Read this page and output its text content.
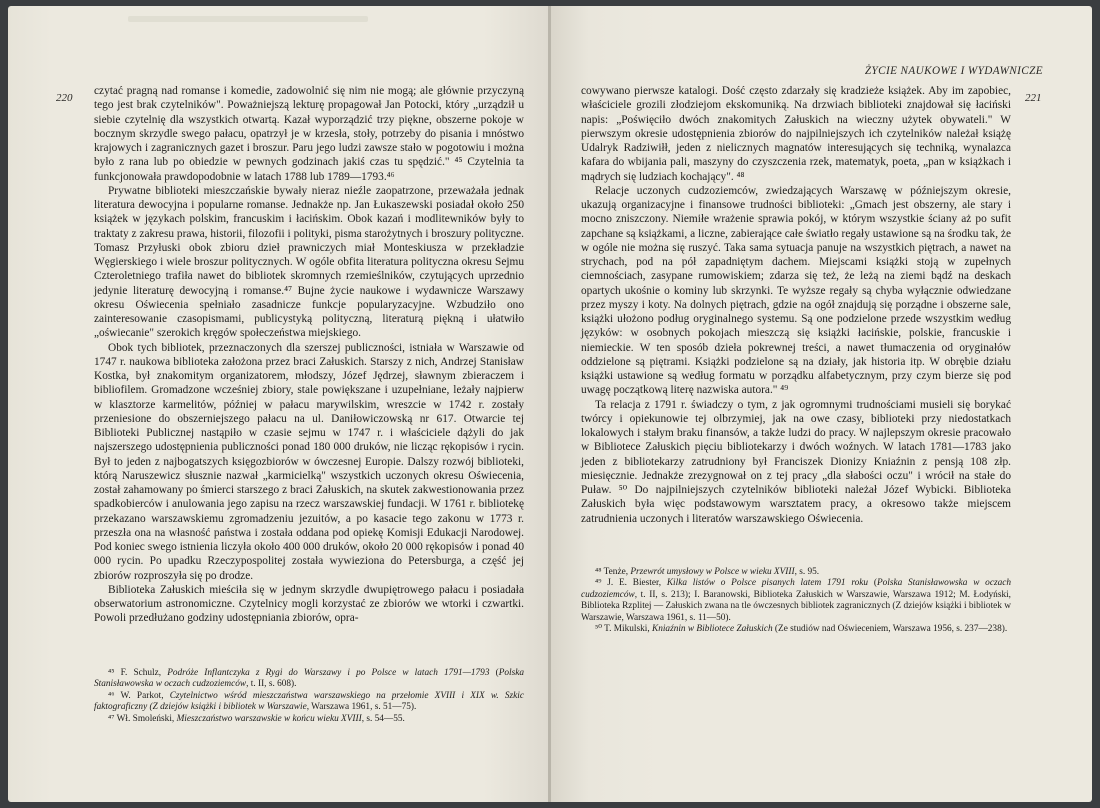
220

czytać pragną nad romanse i komedie, zadowolnić się nim nie mogą; ale głównie przyczyną tego jest brak czytelników". Poważniejszą lekturę propagował Jan Potocki, który „urządził u siebie czytelnię dla wszystkich otwartą. Kazał wyporządzić trzy piękne, obszerne pokoje w bocznym skrzydle swego pałacu, opatrzył je w krzesła, stoły, potrzeby do pisania i mnóstwo krajowych i zagranicznych gazet i broszur. Paru jego ludzi zawsze stało w pogotowiu i można było z rana lub po obiedzie w pewnych godzinach jakiś czas tu spędzić." ⁴⁵ Czytelnia ta funkcjonowała prawdopodobnie w latach 1788 lub 1789—1793.⁴⁶

Prywatne biblioteki mieszczańskie bywały nieraz nieźle zaopatrzone, przeważała jednak literatura dewocyjna i popularne romanse. Jednakże np. Jan Łukaszewski posiadał około 250 książek w językach polskim, francuskim i łacińskim. Obok kazań i modlitewników były to traktaty z zakresu prawa, historii, filozofii i polityki, pisma starożytnych i broszury polityczne. Tomasz Przyłuski obok zbioru dzieł prawniczych miał Monteskiusza w przekładzie Węgierskiego i wiele broszur politycznych. W ogóle obfita literatura polityczna okresu Sejmu Czteroletniego trafiła nawet do bibliotek skromnych rzemieślników, czytujących uprzednio jedynie literaturę dewocyjną i romanse.⁴⁷ Bujne życie naukowe i wydawnicze Warszawy okresu Oświecenia spełniało zasadnicze funkcje popularyzacyjne. Wzbudziło ono zainteresowanie czasopismami, publicystyką polityczną, literaturą piękną i ułatwiło „oświecanie" szerokich kręgów społeczeństwa miejskiego.

Obok tych bibliotek, przeznaczonych dla szerszej publiczności, istniała w Warszawie od 1747 r. naukowa biblioteka założona przez braci Załuskich. Starszy z nich, Andrzej Stanisław Kostka, był znakomitym organizatorem, młodszy, Józef Jędrzej, sławnym zbieraczem i bibliofilem. Gromadzone wcześniej zbiory, stale powiększane i uzupełniane, leżały najpierw w klasztorze karmelitów, później w pałacu marywilskim, wreszcie w 1742 r. zostały przeniesione do obszerniejszego pałacu na ul. Daniłowiczowską nr 617. Otwarcie tej Biblioteki Publicznej nastąpiło w czasie sejmu w 1747 r. i właściciele dążyli do jak najszerszego udostępnienia publiczności ponad 180 000 druków, nie licząc rękopisów i rycin. Był to jeden z najbogatszych księgozbiorów w ówczesnej Europie. Dalszy rozwój biblioteki, którą Naruszewicz słusznie nazwał „karmicielką" wszystkich uczonych okresu Oświecenia, został zahamowany po śmierci starszego z braci Załuskich, na skutek zakwestionowania przez spadkobierców i anulowania jego zapisu na rzecz warszawskiej fundacji. W 1761 r. bibliotekę przekazano warszawskiemu zgromadzeniu jezuitów, a po kasacie tego zakonu w 1773 r. przeszła ona na własność państwa i została oddana pod opiekę Komisji Edukacji Narodowej. Pod koniec swego istnienia liczyła około 400 000 druków, około 20 000 rękopisów i ponad 40 000 rycin. Po upadku Rzeczypospolitej została wywieziona do Petersburga, a część jej zbiorów rozproszyła się po drodze.

Biblioteka Załuskich mieściła się w jednym skrzydle dwupiętrowego pałacu i posiadała obserwatorium astronomiczne. Czytelnicy mogli korzystać ze zbiorów we wtorki i czwartki. Powoli przedłużano godziny udostępniania zbiorów, opra-

⁴⁵ F. Schulz, Podróże Inflantczyka z Rygi do Warszawy i po Polsce w latach 1791—1793 (Polska Stanisławowska w oczach cudzoziemców, t. II, s. 608).

⁴⁶ W. Parkot, Czytelnictwo wśród mieszczaństwa warszawskiego na przełomie XVIII i XIX w. Szkic faktograficzny (Z dziejów książki i bibliotek w Warszawie, Warszawa 1961, s. 51—75).

⁴⁷ Wł. Smoleński, Mieszczaństwo warszawskie w końcu wieku XVIII, s. 54—55.

ŻYCIE NAUKOWE I WYDAWNICZE
221

cowywano pierwsze katalogi. Dość często zdarzały się kradzieże książek. Aby im zapobiec, właściciele grozili złodziejom ekskomuniką. Na drzwiach biblioteki znajdował się łaciński napis: „Poświęciło dwóch znakomitych Załuskich na wieczny użytek obywateli." W pierwszym okresie udostępnienia zbiorów do najpilniejszych ich czytelników należał książę Udalryk Radziwiłł, jeden z nielicznych magnatów interesujących się techniką, wynalazca kafara do wbijania pali, maszyny do czyszczenia rzek, matematyk, poeta, „pan w książkach i mądrych się ludziach kochający". ⁴⁸

Relacje uczonych cudzoziemców, zwiedzających Warszawę w późniejszym okresie, ukazują organizacyjne i finansowe trudności biblioteki: „Gmach jest obszerny, ale stary i mocno zniszczony. Niemiłe wrażenie sprawia pokój, w którym wszystkie ściany aż po sufit zapchane są książkami, a liczne, zabierające całe światło regały ustawione są na środku tak, że w ogóle nie można się ruszyć. Taka sama sytuacja panuje na wszystkich piętrach, a nawet na strychach, pod na pół zapadniętym dachem. Miejscami książki stoją w zupełnych ciemnościach, zasypane rumowiskiem; zdarza się też, że leżą na ziemi bądź na deskach opartych ukośnie o kominy lub skrzynki. Te wyższe regały są chyba wyłącznie odwiedzane przez myszy i koty. Na dolnych piętrach, gdzie na ogół znajdują się porządne i obszerne sale, książki ułożono podług oryginalnego systemu. Są one podzielone przede wszystkim według języków: w osobnych pokojach mieszczą się książki łacińskie, polskie, francuskie i niemieckie. W ten sposób dzieła pokrewnej treści, a nawet tłumaczenia od oryginałów oddzielone są piętrami. Książki podzielone są na działy, jak historia itp. W obrębie działu książki ustawione są według formatu w porządku alfabetycznym, przy czym bierze się pod uwagę początkową literę nazwiska autora." ⁴⁹

Ta relacja z 1791 r. świadczy o tym, z jak ogromnymi trudnościami musieli się borykać twórcy i opiekunowie tej olbrzymiej, jak na owe czasy, biblioteki przy niedostatkach lokalowych i stałym braku finansów, a także ludzi do pracy. W najlepszym okresie pracowało w Bibliotece Załuskich pięciu bibliotekarzy i dwóch woźnych. W latach 1781—1783 jako jeden z bibliotekarzy zatrudniony był Franciszek Dionizy Kniaźnin z pensją 108 złp. miesięcznie. Jednakże zrezygnował on z tej pracy „dla słabości oczu" i wrócił na stałe do Puław. ⁵⁰ Do najpilniejszych czytelników biblioteki należał Józef Wybicki. Biblioteka Załuskich była więc podstawowym warsztatem pracy, a okresowo także miejscem zatrudnienia uczonych i literatów warszawskiego Oświecenia.

⁴⁸ Tenże, Przewrót umysłowy w Polsce w wieku XVIII, s. 95.

⁴⁹ J. E. Biester, Kilka listów o Polsce pisanych latem 1791 roku (Polska Stanisławowska w oczach cudzoziemców, t. II, s. 213); I. Baranowski, Biblioteka Załuskich w Warszawie, Warszawa 1912; M. Łodyński, Biblioteka Rzplitej — Załuskich zwana na tle ówczesnych bibliotek zagranicznych (Z dziejów książki i bibliotek w Warszawie, Warszawa 1961, s. 11—50).

⁵⁰ T. Mikulski, Kniaźnin w Bibliotece Załuskich (Ze studiów nad Oświeceniem, Warszawa 1956, s. 237—238).
